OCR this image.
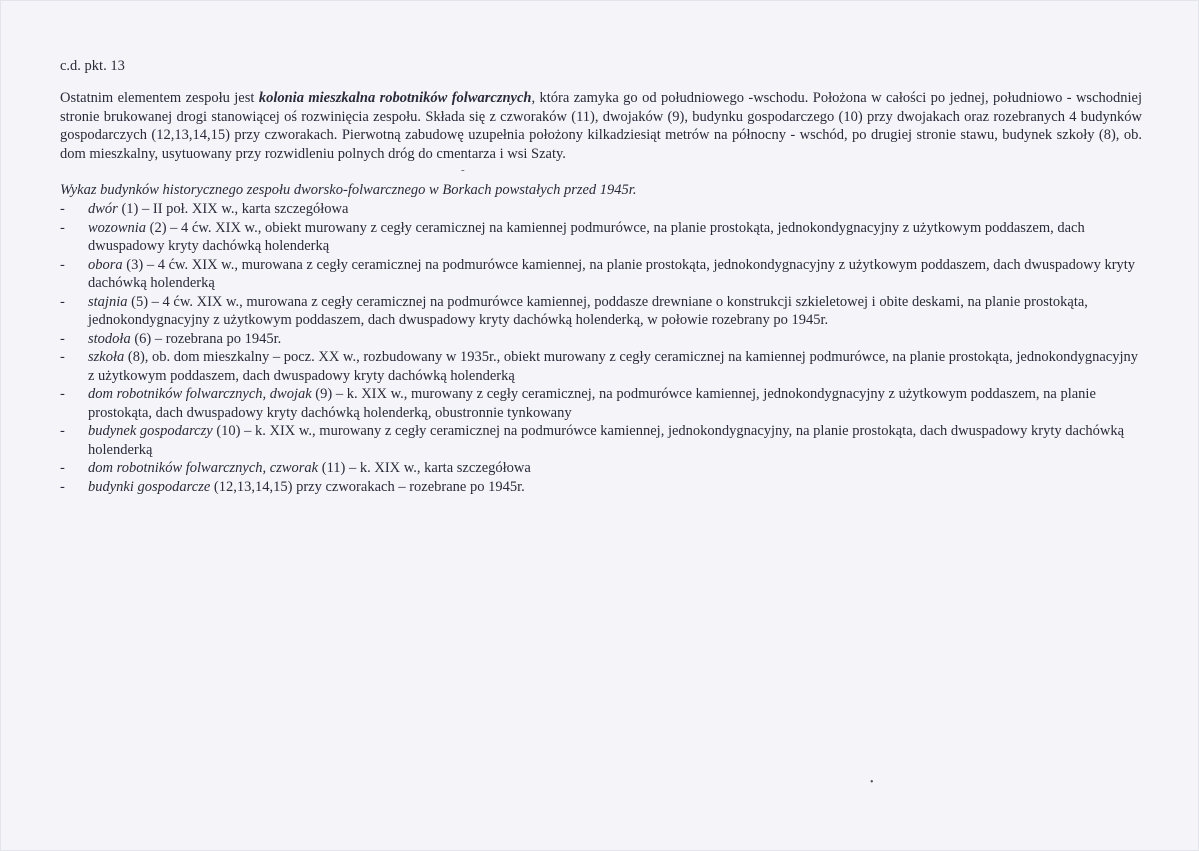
c.d. pkt. 13
Ostatnim elementem zespołu jest kolonia mieszkalna robotników folwarcznych, która zamyka go od południowego -wschodu. Położona w całości po jednej, południowo - wschodniej stronie brukowanej drogi stanowiącej oś rozwinięcia zespołu. Składa się z czworaków (11), dwojaków (9), budynku gospodarczego (10) przy dwojakach oraz rozebranych 4 budynków gospodarczych (12,13,14,15) przy czworakach. Pierwotną zabudowę uzupełnia położony kilkadziesiąt metrów na północny - wschód, po drugiej stronie stawu, budynek szkoły (8), ob. dom mieszkalny, usytuowany przy rozwidleniu polnych dróg do cmentarza i wsi Szaty.
-
Wykaz budynków historycznego zespołu dworsko-folwarcznego w Borkach powstałych przed 1945r.
-	dwór (1) – II poł. XIX w., karta szczegółowa
-	wozownia (2) – 4 ćw. XIX w., obiekt murowany z cegły ceramicznej na kamiennej podmurówce, na planie prostokąta, jednokondygnacyjny z użytkowym poddaszem, dach dwuspadowy kryty dachówką holenderką
-	obora (3) – 4 ćw. XIX w., murowana z cegły ceramicznej na podmurówce kamiennej, na planie prostokąta, jednokondygnacyjny z użytkowym poddaszem, dach dwuspadowy kryty dachówką holenderką
-	stajnia (5) – 4 ćw. XIX w., murowana z cegły ceramicznej na podmurówce kamiennej, poddasze drewniane o konstrukcji szkieletowej i obite deskami, na planie prostokąta, jednokondygnacyjny z użytkowym poddaszem, dach dwuspadowy kryty dachówką holenderką, w połowie rozebrany po 1945r.
-	stodoła (6) – rozebrana po 1945r.
-	szkoła (8), ob. dom mieszkalny – pocz. XX w., rozbudowany w 1935r., obiekt murowany z cegły ceramicznej na kamiennej podmurówce, na planie prostokąta, jednokondygnacyjny z użytkowym poddaszem, dach dwuspadowy kryty dachówką holenderką
-	dom robotników folwarcznych, dwojak (9) – k. XIX w., murowany z cegły ceramicznej, na podmurówce kamiennej, jednokondygnacyjny z użytkowym poddaszem, na planie prostokąta, dach dwuspadowy kryty dachówką holenderką, obustronnie tynkowany
-	budynek gospodarczy (10) – k. XIX w., murowany z cegły ceramicznej na podmurówce kamiennej, jednokondygnacyjny, na planie prostokąta, dach dwuspadowy kryty dachówką holenderką
-	dom robotników folwarcznych, czworak (11) – k. XIX w., karta szczegółowa
-	budynki gospodarcze (12,13,14,15) przy czworakach – rozebrane po 1945r.
•
